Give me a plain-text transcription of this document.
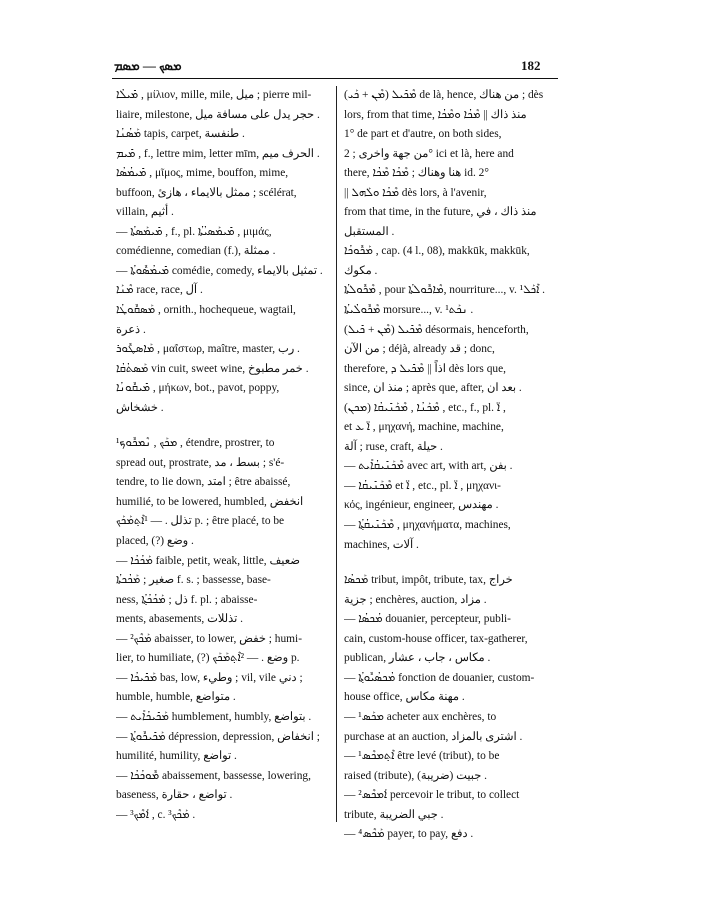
ܡܣܟ — ܡܣܡ	182
ܡܺܝܠܳܐ , μίλιον, mille, mile, ميل ; pierre mil-
liaire, milestone, حجر يدل على مسافة ميل .
ܡܰܣܳܢܳܐ tapis, carpet, طنفسة .
ܡܺܝܡ , f., lettre mim, letter mīm, الحرف ميم .
ܡܺܝܡܳܣܳܐ , μῖμος, mime, bouffon, mime,
buffoon, ممثل بالايماء ، هازئ ; scélérat,
villain, أثيم .
— ܡܺܝܡܰܣܬܳܐ , f., pl. ܡܺܝܡܰܣܝܳܬܳܐ , μιμάς,
comédienne, comedian (f.), ممثلة .
— ܡܺܝܡܳܣܽܘܬܳܐ comédie, comedy, تمثيل بالايماء .
ܡܶܢܰܐ race, race, آل .
ܡܰܣܩܽܘܛܳܐ , ornith., hochequeue, wagtail,
ذعرة .
ܡܰܐܣܛܽܘܪ , μαΐστωρ, maître, master, رب .
ܡܰܣܬܳܩܳܐ vin cuit, sweet wine, خمر مطبوخ .
ܡܺܝܩܽܘܢܳܐ , μήκων, bot., pavot, poppy,
خشخاش .
¹ܡܟܰܟ , ܢܶܡܟܽܘܟ , étendre, prostrer, to
spread out, prostrate, بسط ، مد ; s'é-
tendre, to lie down, امتد ; être abaissé,
humilié, to be lowered, humbled, انخفض
تذلل . — ¹ܐܶܬ݂ܡܰܟܰܟ p. ; être placé, to be
placed, (?) وضع .
— ܡܰܟܳܟܳܐ faible, petit, weak, little, ضعيف
صغير ; ܡܰܟܳܟܬܳܐ f. s. ; bassesse, base-
ness, ذل ; ܡܰܟܳܟܳܬ݂ܳܐ f. pl. ; abaisse-
ments, abasements, تذللات .
— ²ܡܰܟܶܟ abaisser, to lower, خفض ; humi-
lier, to humiliate, (?) وضع . — ²ܐܶܬ݂ܡܰܟܰܟ p.
— ܡܰܟܺܝܟܳܐ bas, low, وطيء ; vil, vile دني ;
humble, humble, متواضع .
— ܡܰܟܺܝܟܳܐܺܝܬ humblement, humbly, بتواضع .
— ܡܰܟܺܝܟܽܘܬ݂ܳܐ dépression, depression, انخفاض ;
humilité, humility, تواضع .
— ܡܽܘܟܳܟܳܐ abaissement, bassesse, lowering,
baseness, تواضع ، حقارة .
— ³ܐܰܡܶܟ , c. ³ܡܰܟܶܟ .
ܡܶܟܺܝܠ (ܡܶܢ + ܟܰܝ) de là, hence, من هناك ; dès
lors, from that time, منذ ذاك || ܡܶܟܳܐ ܘܡܶܟܳܐ
1° de part et d'autre, on both sides,
من جهة واخرى ; 2° ici et là, here and
there, هنا وهناك ; ܡܶܟܳܐ ܡܶܟܳܐ id. 2°
|| ܡܶܟܳܐ ܘܠܰܗܠ dès lors, à l'avenir,
from that time, in the future, منذ ذاك ، في
المستقبل .
ܡܰܟܽܘܟܳܐ , cap. (4 l., 08), makkūk, makkūk,
مكوك .
ܡܶܟܽܘܠܬܳܐ , pour ܡܶܐܟܽܘܠܬܳܐ, nourriture..., v. ¹ܐܶܟܰܠ .
ܡܶܟܽܘܠܳܝܬܳܐ morsure..., v. ¹ܢܟܰܬ .
ܡܶܟܺܝܠ (ܡܶܢ + ܟܺܝܠ) désormais, henceforth,
من الآن ; déjà, already قد ; donc,
therefore, اذاً || ܡܶܟܺܝܠ ܕ dès lors que,
since, منذ ان ; après que, after, بعد ان .
(ܡܟܢ) ܡܶܟܰܢܳܐ , ܡܶܟܰܢܺܝܩܳܐ , etc., f., pl. ܐ̈ ,
et ܐ̈ ܥ , μηχανή, machine, machine,
آلة ; ruse, craft, حيلة .
— ܡܶܟܰܢܺܝܩܳܐܺܝܬ avec art, with art, بفن .
— ܡܶܟܰܢܺܝܩܳܐ et ܐ̈ , etc., pl. ܐ̈ , μηχανι-
κός, ingénieur, engineer, مهندس .
— ܡܶܟܰܢܺܝܩܳܬ݂ܳܐ , μηχανήματα, machines,
machines, آلات .
ܡܰܟܣܳܐ tribut, impôt, tribute, tax, خراج
جزية ; enchères, auction, مزاد .
— ܡܳܟܣܳܐ douanier, percepteur, publi-
cain, custom-house officer, tax-gatherer,
publican, مكاس ، جاب ، عشار .
— ܡܳܟܣܳܝܽܘܬ݂ܳܐ fonction de douanier, custom-
house office, مهنة مكاس .
— ¹ܡܟܰܣ acheter aux enchères, to
purchase at an auction, اشترى بالمزاد .
— ¹ܐܶܬ݂ܡܟܶܣ être levé (tribut), to be
raised (tribute), جبيت (ضريبة) .
— ²ܐܰܡܟܶܣ percevoir le tribut, to collect
tribute, جبي الضريبة .
— ⁴ܡܰܟܶܣ payer, to pay, دفع .
